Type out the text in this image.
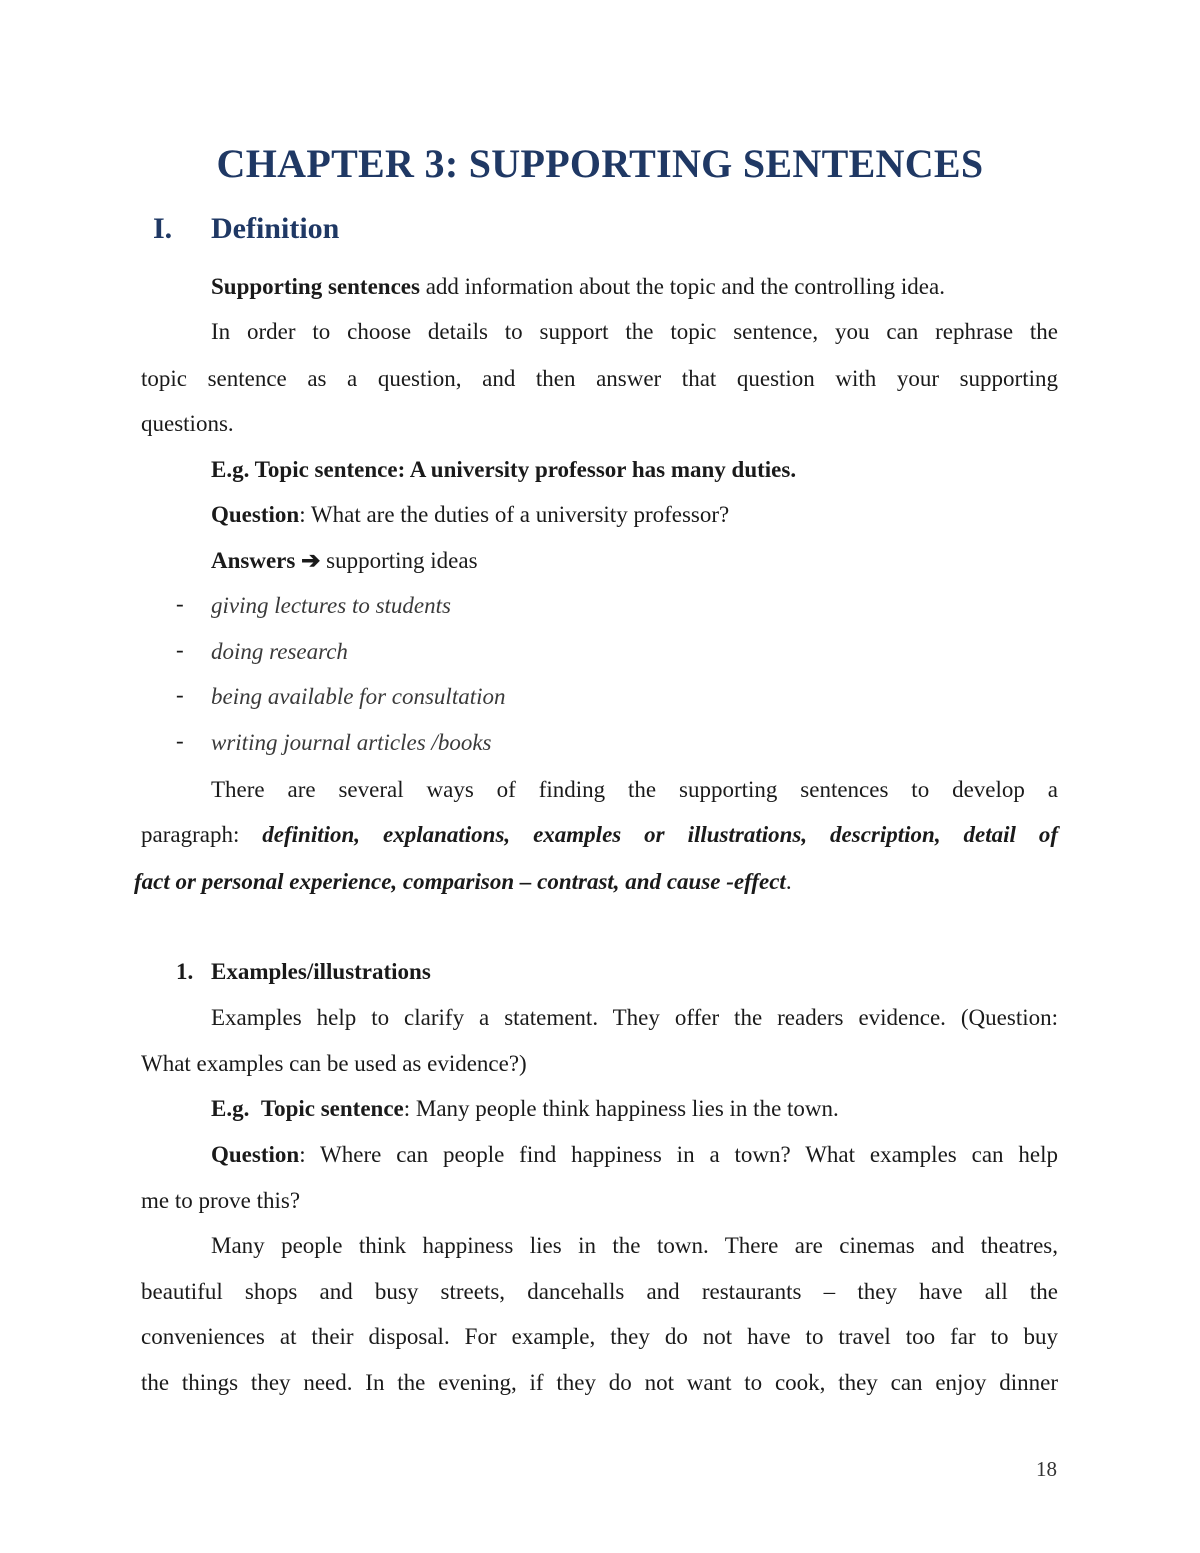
CHAPTER 3: SUPPORTING SENTENCES
I. Definition
Supporting sentences add information about the topic and the controlling idea.
In order to choose details to support the topic sentence, you can rephrase the
topic sentence as a question, and then answer that question with your supporting
questions.
E.g. Topic sentence: A university professor has many duties.
Question: What are the duties of a university professor?
Answers ➔ supporting ideas
- giving lectures to students
- doing research
- being available for consultation
- writing journal articles /books
There are several ways of finding the supporting sentences to develop a
paragraph: definition, explanations, examples or illustrations, description, detail of
fact or personal experience, comparison – contrast, and cause -effect.
1. Examples/illustrations
Examples help to clarify a statement. They offer the readers evidence. (Question:
What examples can be used as evidence?)
E.g. Topic sentence: Many people think happiness lies in the town.
Question: Where can people find happiness in a town? What examples can help
me to prove this?
Many people think happiness lies in the town. There are cinemas and theatres,
beautiful shops and busy streets, dancehalls and restaurants – they have all the
conveniences at their disposal. For example, they do not have to travel too far to buy
the things they need. In the evening, if they do not want to cook, they can enjoy dinner
18
